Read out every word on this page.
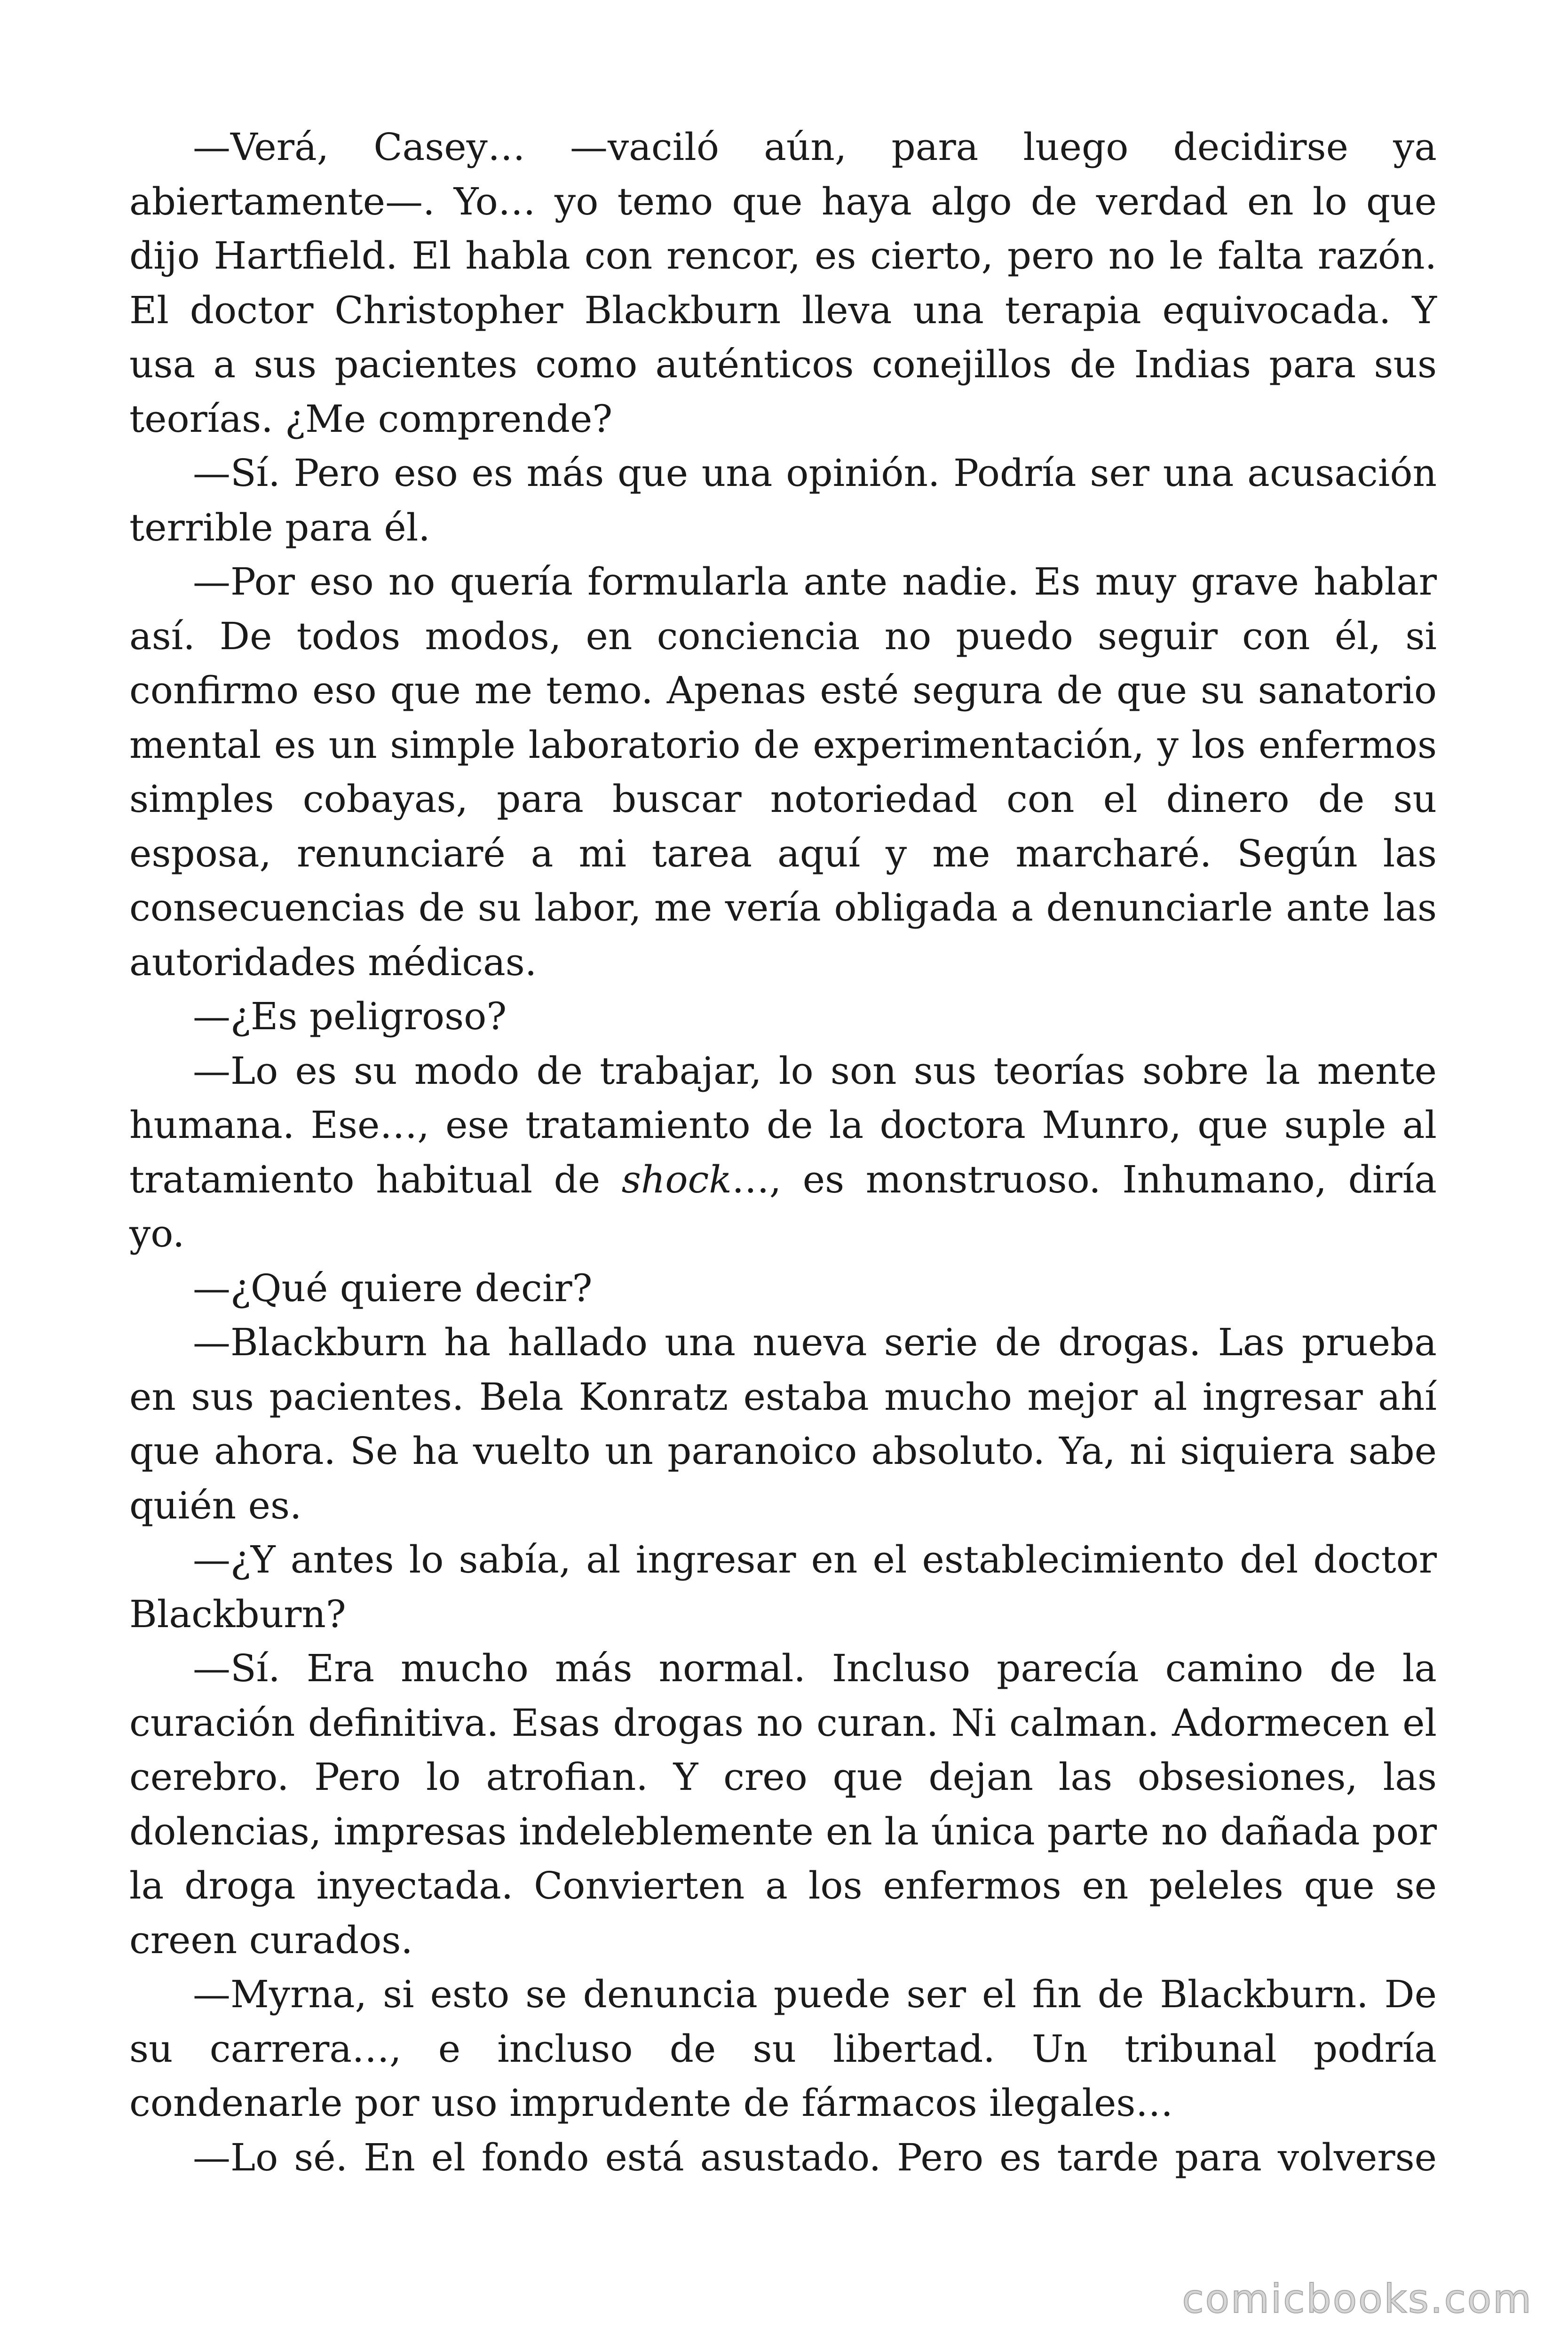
—Verá, Casey… —vaciló aún, para luego decidirse ya abiertamente—. Yo… yo temo que haya algo de verdad en lo que dijo Hartfield. El habla con rencor, es cierto, pero no le falta razón. El doctor Christopher Blackburn lleva una terapia equivocada. Y usa a sus pacientes como auténticos conejillos de Indias para sus teorías. ¿Me comprende?

—Sí. Pero eso es más que una opinión. Podría ser una acusación terrible para él.

—Por eso no quería formularla ante nadie. Es muy grave hablar así. De todos modos, en conciencia no puedo seguir con él, si confirmo eso que me temo. Apenas esté segura de que su sanatorio mental es un simple laboratorio de experimentación, y los enfermos simples cobayas, para buscar notoriedad con el dinero de su esposa, renunciaré a mi tarea aquí y me marcharé. Según las consecuencias de su labor, me vería obligada a denunciarle ante las autoridades médicas.

—¿Es peligroso?

—Lo es su modo de trabajar, lo son sus teorías sobre la mente humana. Ese…, ese tratamiento de la doctora Munro, que suple al tratamiento habitual de shock…, es monstruoso. Inhumano, diría yo.

—¿Qué quiere decir?

—Blackburn ha hallado una nueva serie de drogas. Las prueba en sus pacientes. Bela Konratz estaba mucho mejor al ingresar ahí que ahora. Se ha vuelto un paranoico absoluto. Ya, ni siquiera sabe quién es.

—¿Y antes lo sabía, al ingresar en el establecimiento del doctor Blackburn?

—Sí. Era mucho más normal. Incluso parecía camino de la curación definitiva. Esas drogas no curan. Ni calman. Adormecen el cerebro. Pero lo atrofian. Y creo que dejan las obsesiones, las dolencias, impresas indeleblemente en la única parte no dañada por la droga inyectada. Convierten a los enfermos en peleles que se creen curados.

—Myrna, si esto se denuncia puede ser el fin de Blackburn. De su carrera…, e incluso de su libertad. Un tribunal podría condenarle por uso imprudente de fármacos ilegales…

—Lo sé. En el fondo está asustado. Pero es tarde para volverse

comicbooks.com
